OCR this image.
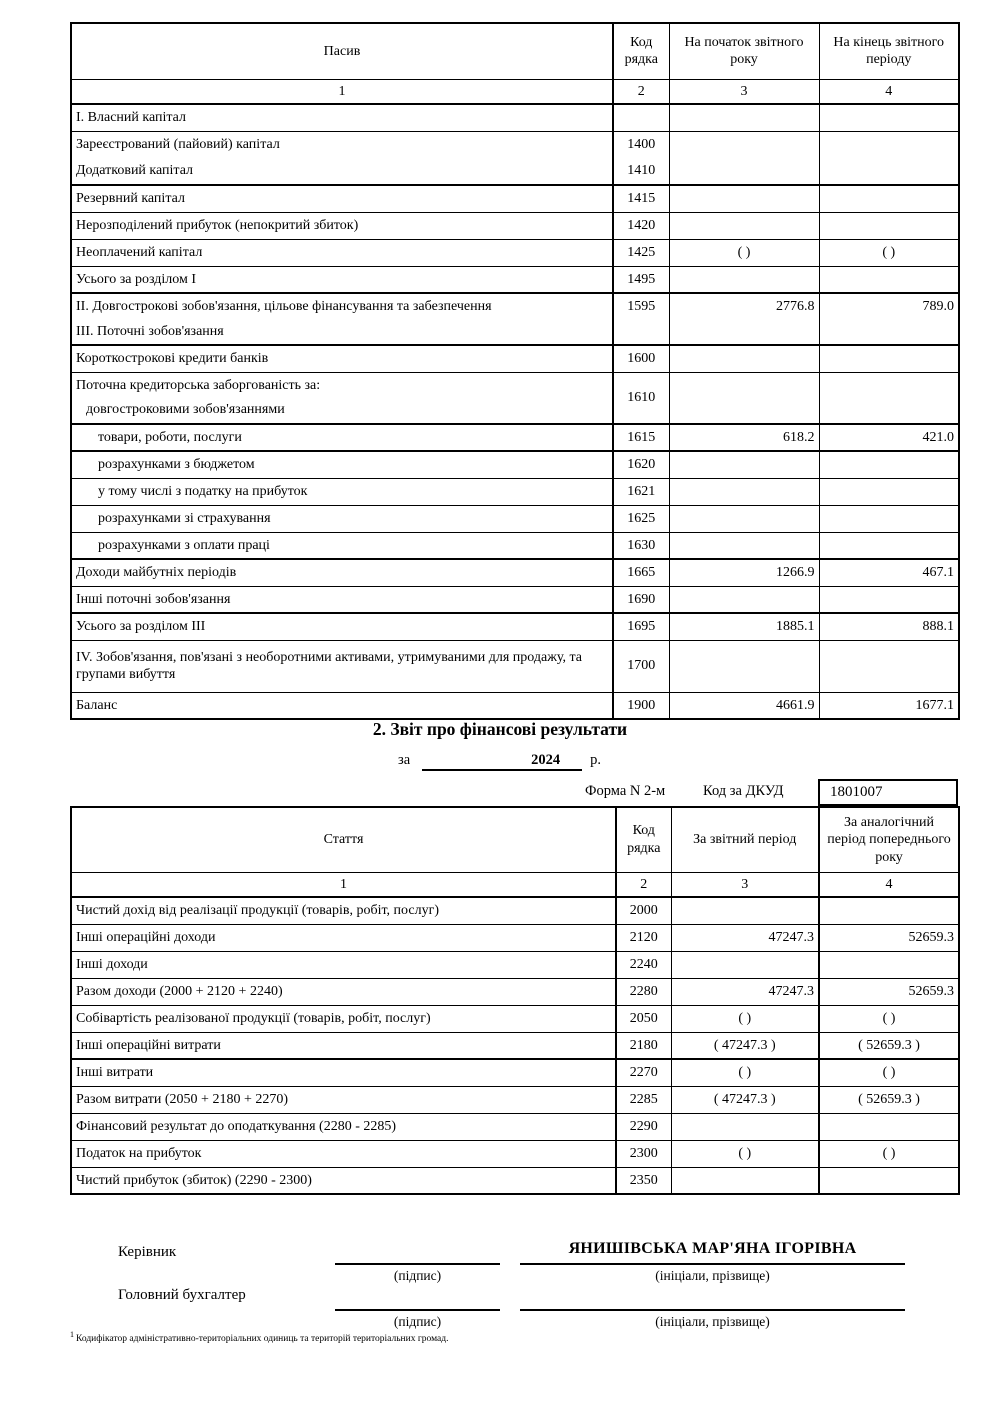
Пасив	Код рядка	На початок звітного року	На кінець звітного періоду
1	2	3	4

I. Власний капітал			

Зареєстрований (пайовий) капітал	1400		

Додатковий капітал	1410		

Резервний капітал	1415		

Нерозподілений прибуток (непокритий збиток)	1420		

Неоплачений капітал	1425	( )	( )

Усього за розділом I	1495		

II. Довгострокові зобов'язання, цільове фінансування та забезпечення
III. Поточні зобов'язання	1595	2776.8	789.0

Короткострокові кредити банків	1600		

Поточна кредиторська заборгованість за:
довгостроковими зобов'язаннями	1610		

товари, роботи, послуги	1615	618.2	421.0

розрахунками з бюджетом	1620		

у тому числі з податку на прибуток	1621		

розрахунками зі страхування	1625		

розрахунками з оплати праці	1630		

Доходи майбутніх періодів	1665	1266.9	467.1

Інші поточні зобов'язання	1690		

Усього за розділом III	1695	1885.1	888.1

IV. Зобов'язання, пов'язані з необоротними активами, утримуваними для продажу, та групами вибуття	1700		

Баланс	1900	4661.9	1677.1
2. Звіт про фінансові результати
за	2024 р.
Форма N 2-м	Код за ДКУД	1801007
Стаття	Код рядка	За звітний період	За аналогічний період попереднього року
1	2	3	4

Чистий дохід від реалізації продукції (товарів, робіт, послуг)	2000		

Інші операційні доходи	2120	47247.3	52659.3

Інші доходи	2240		

Разом доходи (2000 + 2120 + 2240)	2280	47247.3	52659.3

Собівартість реалізованої продукції (товарів, робіт, послуг)	2050	( )	( )

Інші операційні витрати	2180	( 47247.3 )	( 52659.3 )

Інші витрати	2270	( )	( )

Разом витрати (2050 + 2180 + 2270)	2285	( 47247.3 )	( 52659.3 )

Фінансовий результат до оподаткування (2280 - 2285)	2290		

Податок на прибуток	2300	( )	( )

Чистий прибуток (збиток) (2290 - 2300)	2350		
Керівник	ЯНИШІВСЬКА МАР'ЯНА ІГОРІВНА
(підпис)	(ініціали, прізвище)
Головний бухгалтер
(підпис)	(ініціали, прізвище)
$^1$ Кодифікатор адміністративно-територіальних одиниць та територій територіальних громад.
